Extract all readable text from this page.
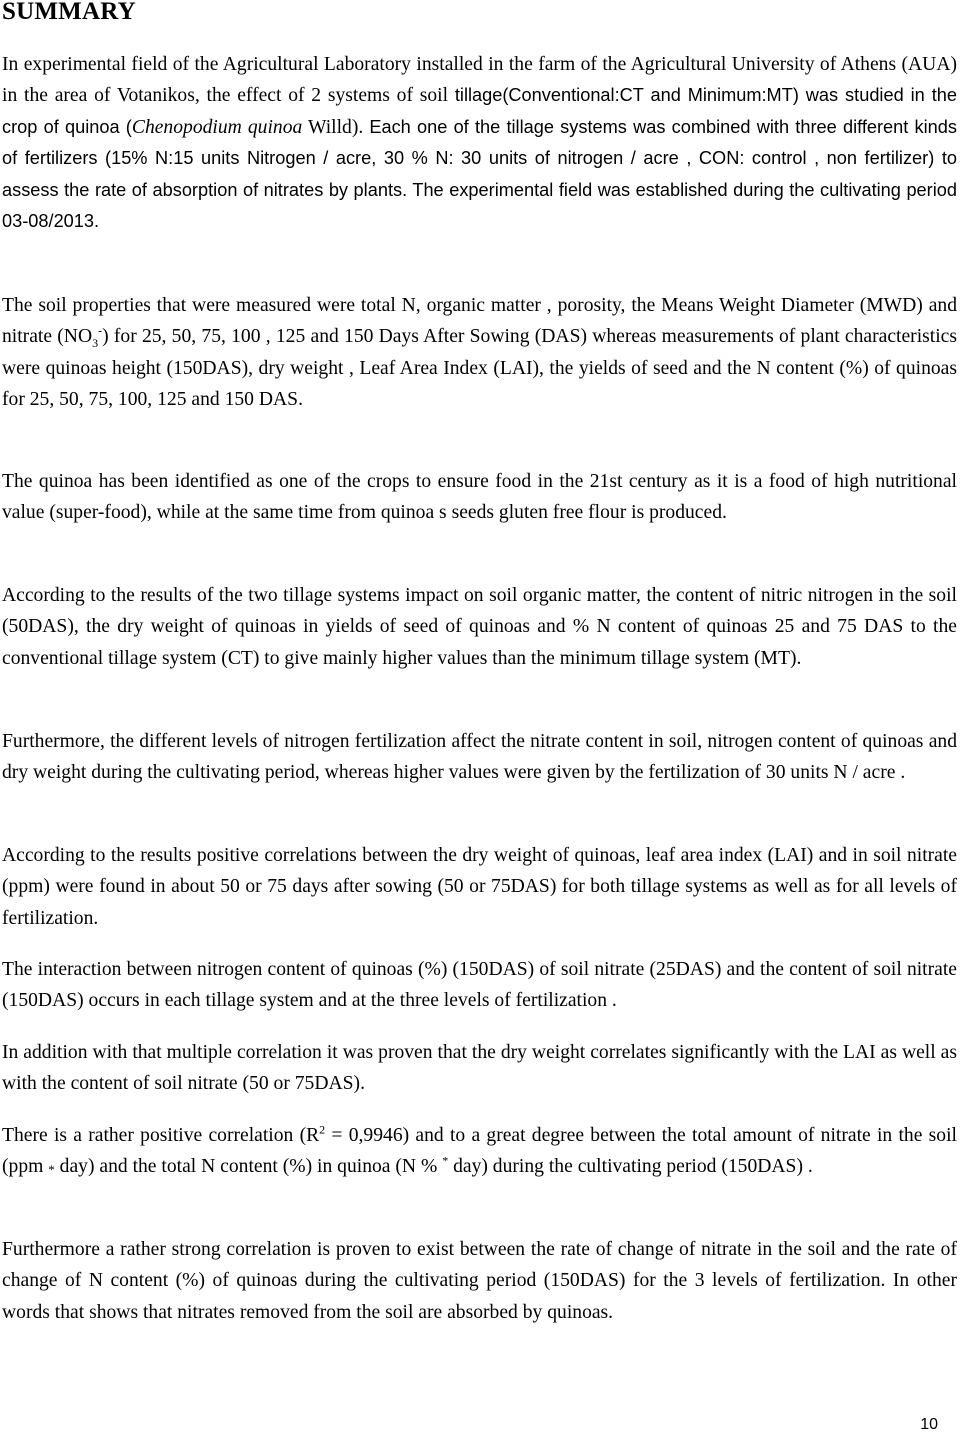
SUMMARY

In experimental field of the Agricultural Laboratory installed in the farm of the Agricultural University of Athens (AUA) in the area of Votanikos, the effect of 2 systems of soil tillage(Conventional:CT and Minimum:MT) was studied in the crop of quinoa (Chenopodium quinoa Willd). Each one of the tillage systems was combined with three different kinds of fertilizers (15% N:15 units Nitrogen / acre, 30 % N: 30 units of nitrogen / acre , CON: control , non fertilizer) to assess the rate of absorption of nitrates by plants. The experimental field was established during the cultivating period 03-08/2013.

The soil properties that were measured were total N, organic matter , porosity, the Means Weight Diameter (MWD) and nitrate $(NO_3^-)$ for 25, 50, 75, 100 , 125 and 150 Days After Sowing (DAS) whereas measurements of plant characteristics were quinoas height (150DAS), dry weight , Leaf Area Index (LAI), the yields of seed and the N content (%) of quinoas for 25, 50, 75, 100, 125 and 150 DAS.

The quinoa has been identified as one of the crops to ensure food in the 21st century as it is a food of high nutritional value (super-food), while at the same time from quinoa s seeds gluten free flour is produced.

According to the results of the two tillage systems impact on soil organic matter, the content of nitric nitrogen in the soil (50DAS), the dry weight of quinoas in yields of seed of quinoas and % N content of quinoas 25 and 75 DAS to the conventional tillage system (CT) to give mainly higher values than the minimum tillage system (MT).

Furthermore, the different levels of nitrogen fertilization affect the nitrate content in soil, nitrogen content of quinoas and dry weight during the cultivating period, whereas higher values were given by the fertilization of 30 units N / acre .

According to the results positive correlations between the dry weight of quinoas, leaf area index (LAI) and in soil nitrate (ppm) were found in about 50 or 75 days after sowing (50 or 75DAS) for both tillage systems as well as for all levels of fertilization.

The interaction between nitrogen content of quinoas (%) (150DAS) of soil nitrate (25DAS) and the content of soil nitrate (150DAS) occurs in each tillage system and at the three levels of fertilization .

In addition with that multiple correlation it was proven that the dry weight correlates significantly with the LAI as well as with the content of soil nitrate (50 or 75DAS).

There is a rather positive correlation $(R^2 = 0,9946)$ and to a great degree between the total amount of nitrate in the soil (ppm * day) and the total N content (%) in quinoa (N % * day) during the cultivating period (150DAS) .

Furthermore a rather strong correlation is proven to exist between the rate of change of nitrate in the soil and the rate of change of N content (%) of quinoas during the cultivating period (150DAS) for the 3 levels of fertilization. In other words that shows that nitrates removed from the soil are absorbed by quinoas.

10
